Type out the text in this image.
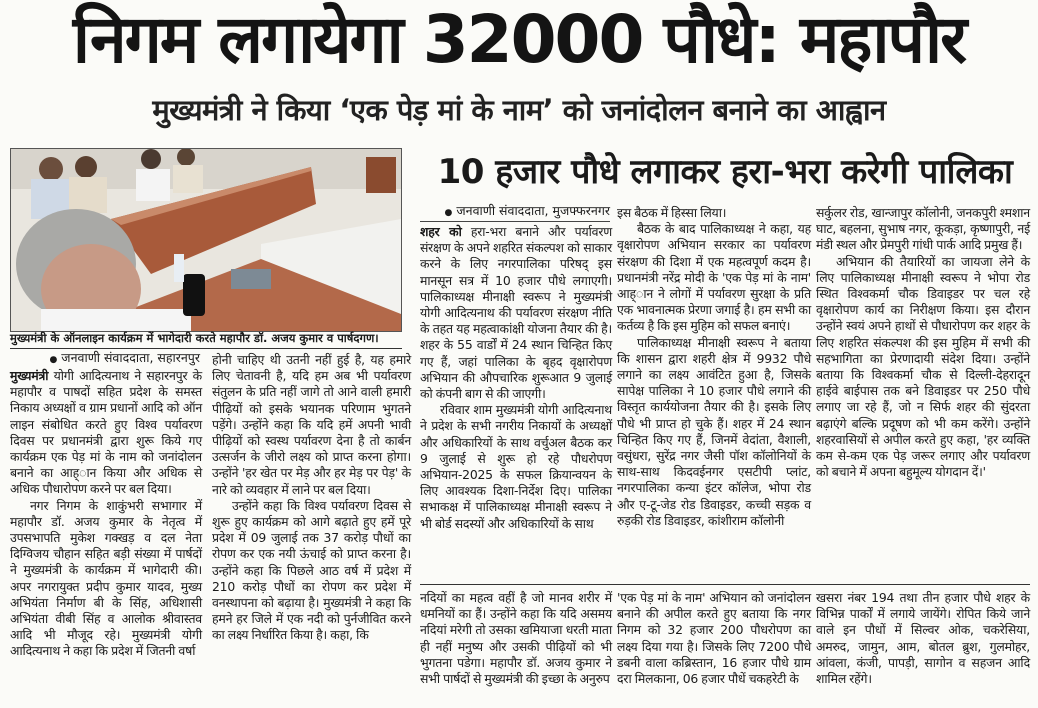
निगम लगायेगा 32000 पौधे: महापौर
मुख्यमंत्री ने किया ‘एक पेड़ मां के नाम’ को जनांदोलन बनाने का आह्वान
मुख्यमंत्री के ऑनलाइन कार्यक्रम में भागेदारी करते महापौर डॉ. अजय कुमार व पार्षदगण।
● जनवाणी संवाददाता, सहारनपुर

मुख्यमंत्री योगी आदित्यनाथ ने सहारनपुर के महापौर व पाषदों सहित प्रदेश के समस्त निकाय अध्यक्षों व ग्राम प्रधानों आदि को ऑन लाइन संबोधित करते हुए विश्व पर्यावरण दिवस पर प्रधानमंत्री द्वारा शुरू किये गए कार्यक्रम एक पेड़ मां के नाम को जनांदोलन बनाने का आह्ान किया और अधिक से अधिक पौधारोपण करने पर बल दिया।

नगर निगम के शाकुंभरी सभागार में महापौर डॉ. अजय कुमार के नेतृत्व में उपसभापति मुकेश गक्खड़ व दल नेता दिग्विजय चौहान सहित बड़ी संख्या में पार्षदों ने मुख्यमंत्री के कार्यक्रम में भागेदारी की। अपर नगरायुक्त प्रदीप कुमार यादव, मुख्य अभियंता निर्माण बी के सिंह, अधिशासी अभियंता वीबी सिंह व आलोक श्रीवास्तव आदि भी मौजूद रहे। मुख्यमंत्री योगी आदित्यनाथ ने कहा कि प्रदेश में जितनी वर्षा

होनी चाहिए थी उतनी नहीं हुई है, यह हमारे लिए चेतावनी है, यदि हम अब भी पर्यावरण संतुलन के प्रति नहीं जागे तो आने वाली हमारी पीढ़ियों को इसके भयानक परिणाम भुगतने पड़ेंगे। उन्होंने कहा कि यदि हमें अपनी भावी पीढ़ियों को स्वस्थ पर्यावरण देना है तो कार्बन उत्सर्जन के जीरो लक्ष्य को प्राप्त करना होगा। उन्होंने 'हर खेत पर मेड़ और हर मेड़ पर पेड़' के नारे को व्यवहार में लाने पर बल दिया।

उन्होंने कहा कि विश्व पर्यावरण दिवस से शुरू हुए कार्यक्रम को आगे बढ़ाते हुए हमें पूरे प्रदेश में 09 जुलाई तक 37 करोड़ पौधों का रोपण कर एक नयी ऊंचाई को प्राप्त करना है। उन्होंने कहा कि पिछले आठ वर्ष में प्रदेश में 210 करोड़ पौधों का रोपण कर प्रदेश में वनस्थापना को बढ़ाया है। मुख्यमंत्री ने कहा कि हमने हर जिले में एक नदी को पुर्नजीवित करने का लक्ष्य निर्धारित किया है। कहा, कि

10 हजार पौधे लगाकर हरा-भरा करेगी पालिका
● जनवाणी संवाददाता, मुजफ्फरनगर

शहर को हरा-भरा बनाने और पर्यावरण संरक्षण के अपने शहरित संकल्पश को साकार करने के लिए नगरपालिका परिषद् इस मानसून सत्र में 10 हजार पौधे लगाएगी। पालिकाध्यक्ष मीनाक्षी स्वरूप ने मुख्यमंत्री योगी आदित्यनाथ की पर्यावरण संरक्षण नीति के तहत यह महत्वाकांक्षी योजना तैयार की है। शहर के 55 वार्डों में 24 स्थान चिन्हित किए गए हैं, जहां पालिका के बृहद वृक्षारोपण अभियान की औपचारिक शुरूआत 9 जुलाई को कंपनी बाग से की जाएगी।

रविवार शाम मुख्यमंत्री योगी आदित्यनाथ ने प्रदेश के सभी नगरीय निकायों के अध्यक्षों और अधिकारियों के साथ वर्चुअल बैठक कर 9 जुलाई से शुरू हो रहे पौधरोपण अभियान-2025 के सफल क्रियान्वयन के लिए आवश्यक दिशा-निर्देश दिए। पालिका सभाकक्ष में पालिकाध्यक्ष मीनाक्षी स्वरूप ने भी बोर्ड सदस्यों और अधिकारियों के साथ

इस बैठक में हिस्सा लिया।

बैठक के बाद पालिकाध्यक्ष ने कहा, यह वृक्षारोपण अभियान सरकार का पर्यावरण संरक्षण की दिशा में एक महत्वपूर्ण कदम है। प्रधानमंत्री नरेंद्र मोदी के 'एक पेड़ मां के नाम' आह्ान ने लोगों में पर्यावरण सुरक्षा के प्रति एक भावनात्मक प्रेरणा जगाई है। हम सभी का कर्तव्य है कि इस मुहिम को सफल बनाएं।

पालिकाध्यक्ष मीनाक्षी स्वरूप ने बताया कि शासन द्वारा शहरी क्षेत्र में 9932 पौधे लगाने का लक्ष्य आवंटित हुआ है, जिसके सापेक्ष पालिका ने 10 हजार पौधे लगाने की विस्तृत कार्ययोजना तैयार की है। इसके लिए पौधे भी प्राप्त हो चुके हैं। शहर में 24 स्थान चिन्हित किए गए हैं, जिनमें वेदांता, वैशाली, वसुंधरा, सुरेंद्र नगर जैसी पॉश कॉलोनियों के साथ-साथ किदवईनगर एसटीपी प्लांट, नगरपालिका कन्या इंटर कॉलेज, भोपा रोड और ए-टू-जेड रोड डिवाइडर, कच्ची सड़क व रुड़की रोड डिवाइडर, कांशीराम कॉलोनी

सर्कुलर रोड, खान्जापुर कॉलोनी, जनकपुरी श्मशान घाट, बहलना, सुभाष नगर, कूकड़ा, कृष्णापुरी, नई मंडी स्थल और प्रेमपुरी गांधी पार्क आदि प्रमुख हैं।

अभियान की तैयारियों का जायजा लेने के लिए पालिकाध्यक्ष मीनाक्षी स्वरूप ने भोपा रोड स्थित विश्वकर्मा चौक डिवाइडर पर चल रहे वृक्षारोपण कार्य का निरीक्षण किया। इस दौरान उन्होंने स्वयं अपने हाथों से पौधारोपण कर शहर के लिए शहरित संकल्पश की इस मुहिम में सभी की सहभागिता का प्रेरणादायी संदेश दिया। उन्होंने बताया कि विश्वकर्मा चौक से दिल्ली-देहरादून हाईवे बाईपास तक बने डिवाइडर पर 250 पौधे लगाए जा रहे हैं, जो न सिर्फ शहर की सुंदरता बढ़ाएंगे बल्कि प्रदूषण को भी कम करेंगे। उन्होंने शहरवासियों से अपील करते हुए कहा, 'हर व्यक्ति कम से-कम एक पेड़ जरूर लगाए और पर्यावरण को बचाने में अपना बहुमूल्य योगदान दें।'

नदियों का महत्व वहीं है जो मानव शरीर में धमनियों का हैं। उन्होंने कहा कि यदि असमय नदियां मरेगी तो उसका खमियाजा धरती माता ही नहीं मनुष्य और उसकी पीढ़ियों को भी भुगतना पडेगा। महापौर डॉ. अजय कुमार ने सभी पार्षदों से मुख्यमंत्री की इच्छा के अनुरुप

'एक पेड़ मां के नाम' अभियान को जनांदोलन बनाने की अपील करते हुए बताया कि नगर निगम को 32 हजार 200 पौधरोपण का लक्ष्य दिया गया है। जिसके लिए 7200 पौधे डबनी वाला कब्रिस्तान, 16 हजार पौधे ग्राम दरा मिलकाना, 06 हजार पौधें चकहरेटी के

खसरा नंबर 194 तथा तीन हजार पौधे शहर के विभिन्न पार्कों में लगाये जायेंगे। रोपित किये जाने वाले इन पौधों में सिल्वर ओक, चकरेसिया, अमरुद, जामुन, आम, बोतल ब्रुश, गुलमोहर, आंवला, कंजी, पापड़ी, सागोन व सहजन आदि शामिल रहेंगे।
